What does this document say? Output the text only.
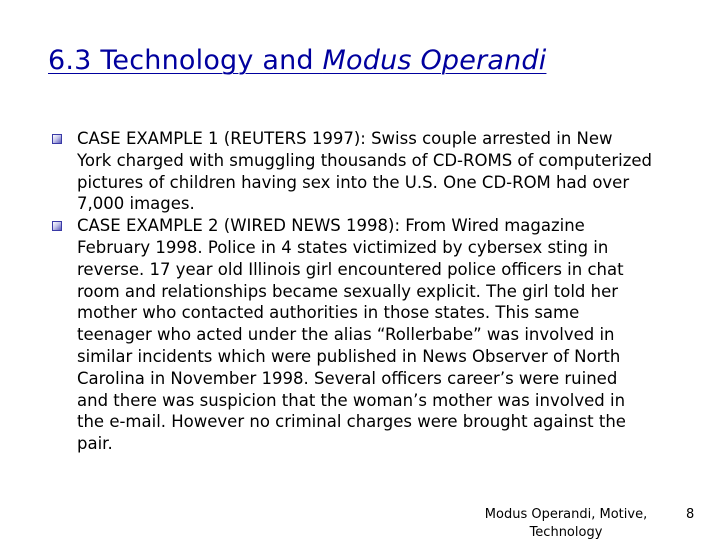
6.3 Technology and Modus Operandi
CASE EXAMPLE 1 (REUTERS 1997): Swiss couple arrested in New York charged with smuggling thousands of CD-ROMS of computerized pictures of children having sex into the U.S. One CD-ROM had over 7,000 images.
CASE EXAMPLE 2 (WIRED NEWS 1998): From Wired magazine February 1998. Police in 4 states victimized by cybersex sting in reverse. 17 year old Illinois girl encountered police officers in chat room and relationships became sexually explicit. The girl told her mother who contacted authorities in those states. This same teenager who acted under the alias “Rollerbabe” was involved in similar incidents which were published in News Observer of North Carolina in November 1998. Several officers career’s were ruined and there was suspicion that the woman’s mother was involved in the e-mail. However no criminal charges were brought against the pair.
Modus Operandi, Motive, Technology
8
